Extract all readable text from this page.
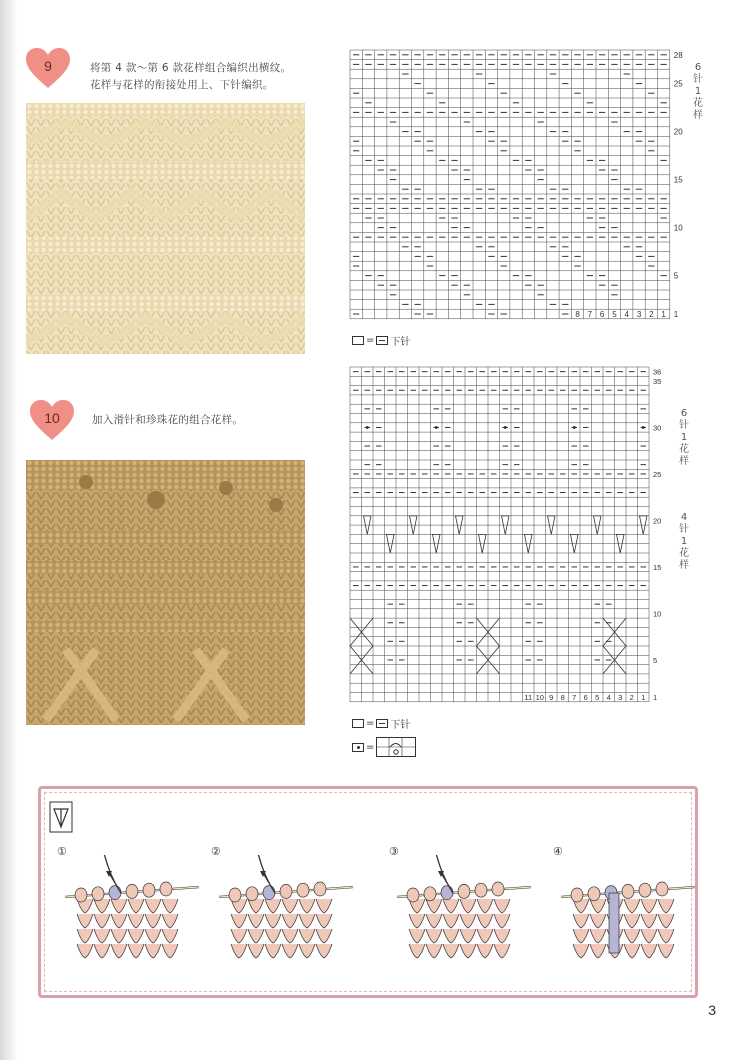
9	将第 4 款～第 6 款花样组合编织出横纹。
花样与花样的衔接处用上、下针编织。
8 7 6 5 4 3 2 1
28
25
20
15
10
5
1
6
针
1
花
样
= 下针
10	加入滑针和珍珠花的组合花样。
11 10 9 8 7 6 5 4 3 2 1
36
35
30
25
20
15
10
5
1
6
针
1
花
样
4
针
1
花
样
= 下针
=
①	②	③	④
3
